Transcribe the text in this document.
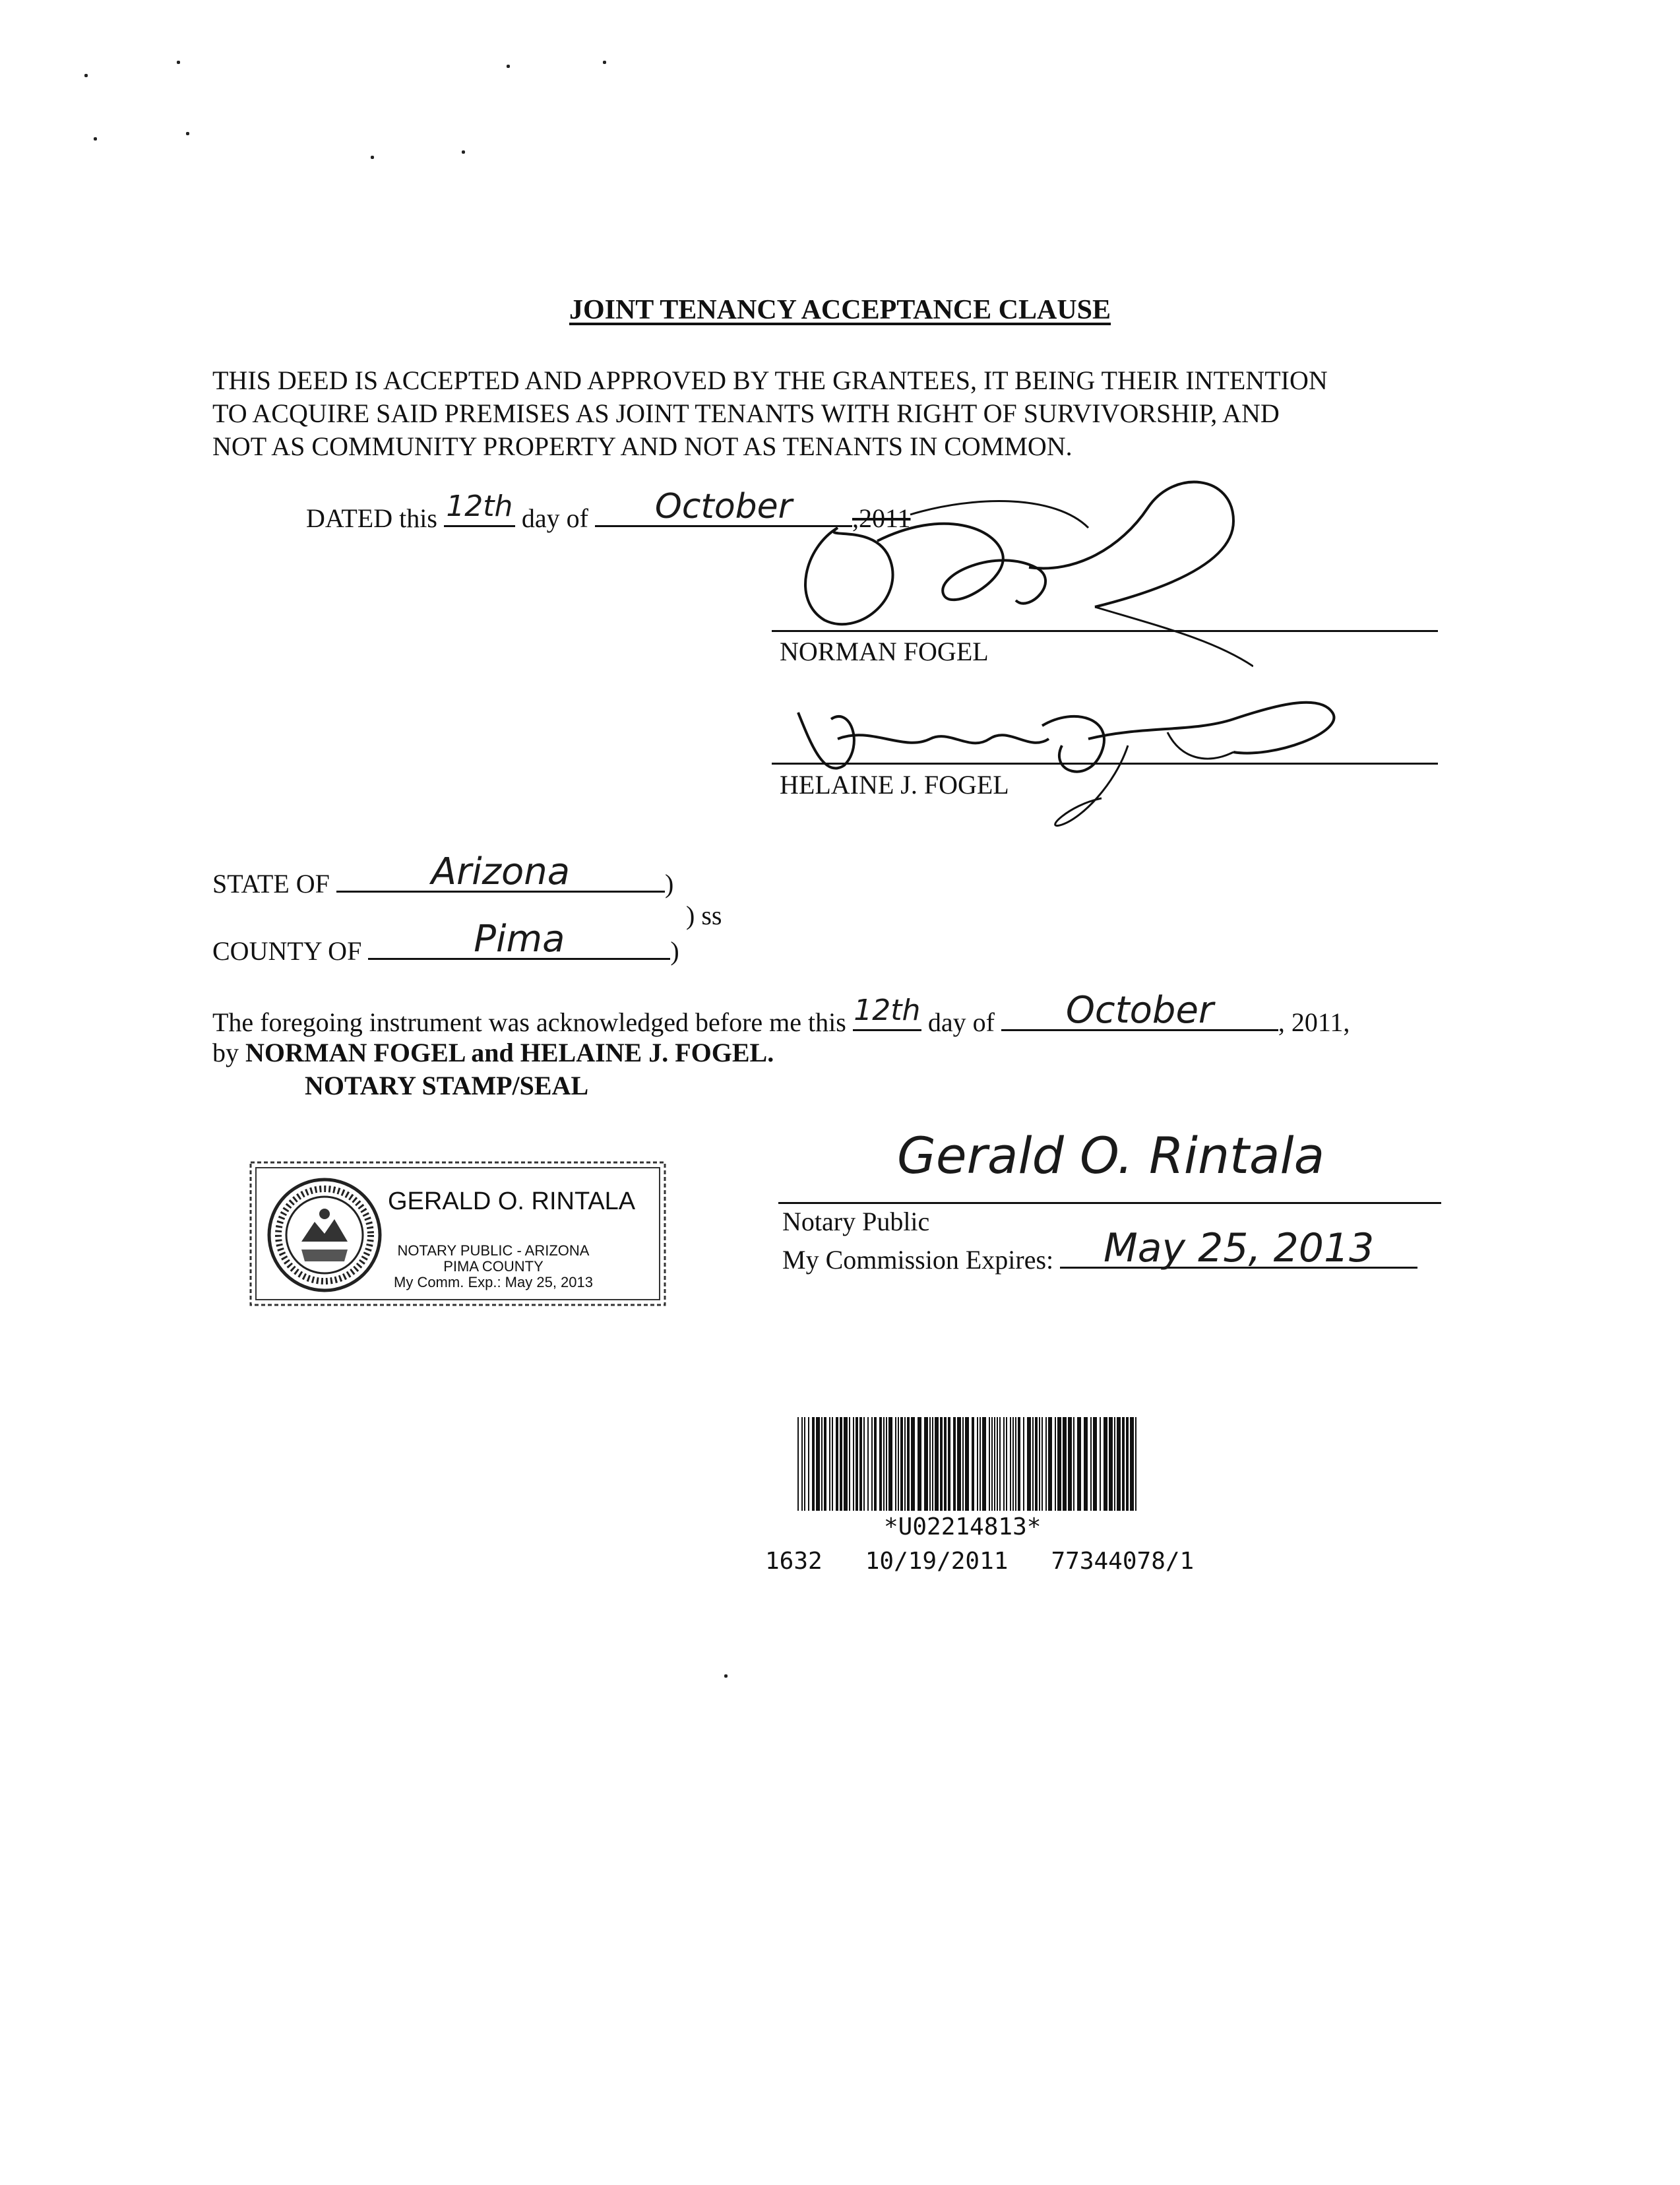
JOINT TENANCY ACCEPTANCE CLAUSE
THIS DEED IS ACCEPTED AND APPROVED BY THE GRANTEES, IT BEING THEIR INTENTION
TO ACQUIRE SAID PREMISES AS JOINT TENANTS WITH RIGHT OF SURVIVORSHIP, AND
NOT AS COMMUNITY PROPERTY AND NOT AS TENANTS IN COMMON.
DATED this 12th day of	October	,2011
NORMAN FOGEL
HELAINE J. FOGEL
STATE OF	Arizona	)
) ss
COUNTY OF	Pima	)
The foregoing instrument was acknowledged before me this 12th day of	October	, 2011,
by NORMAN FOGEL and HELAINE J. FOGEL.
NOTARY STAMP/SEAL
GERALD O. RINTALA
NOTARY PUBLIC - ARIZONA
PIMA COUNTY
My Comm. Exp.: May 25, 2013
Gerald O. Rintala
Notary Public
My Commission Expires:	May 25, 2013
*U02214813*
1632   10/19/2011   77344078/1
